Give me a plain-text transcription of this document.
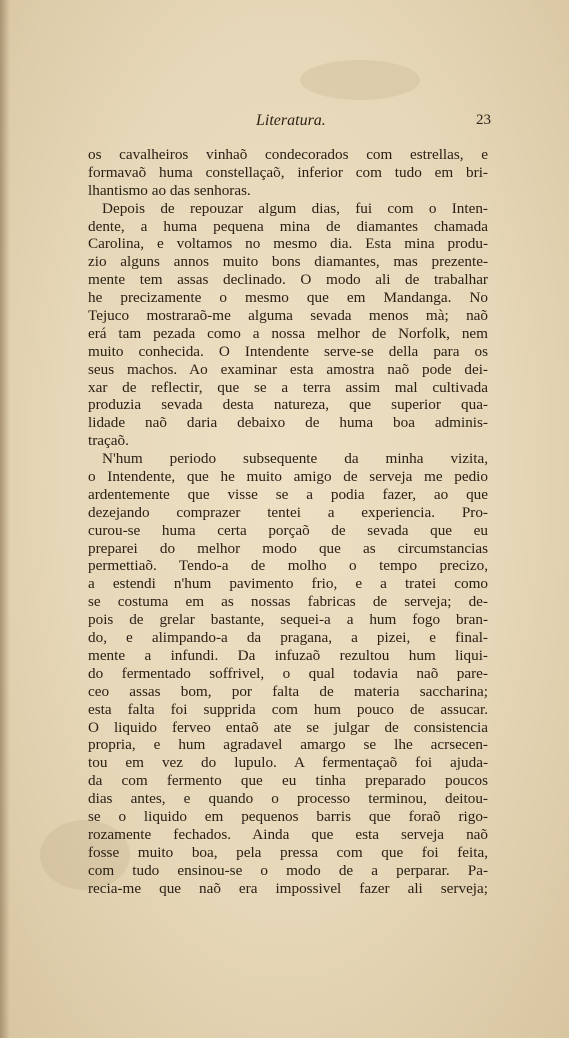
Literatura.	23
os cavalheiros vinhaõ condecorados com estrellas, e
formavaõ huma constellaçaõ, inferior com tudo em bri-
lhantismo ao das senhoras.
Depois de repouzar algum dias, fui com o Inten-
dente, a huma pequena mina de diamantes chamada
Carolina, e voltamos no mesmo dia. Esta mina produ-
zio alguns annos muito bons diamantes, mas prezente-
mente tem assas declinado. O modo ali de trabalhar
he precizamente o mesmo que em Mandanga. No
Tejuco mostraraõ-me alguma sevada menos mà; naõ
erá tam pezada como a nossa melhor de Norfolk, nem
muito conhecida. O Intendente serve-se della para os
seus machos. Ao examinar esta amostra naõ pode dei-
xar de reflectir, que se a terra assim mal cultivada
produzia sevada desta natureza, que superior qua-
lidade naõ daria debaixo de huma boa adminis-
traçaõ.
N'hum periodo subsequente da minha vizita,
o Intendente, que he muito amigo de serveja me pedio
ardentemente que visse se a podia fazer, ao que
dezejando comprazer tentei a experiencia. Pro-
curou-se huma certa porçaõ de sevada que eu
preparei do melhor modo que as circumstancias
permettiaõ. Tendo-a de molho o tempo precizo,
a estendi n'hum pavimento frio, e a tratei como
se costuma em as nossas fabricas de serveja; de-
pois de grelar bastante, sequei-a a hum fogo bran-
do, e alimpando-a da pragana, a pizei, e final-
mente a infundi. Da infuzaõ rezultou hum liqui-
do fermentado soffrivel, o qual todavia naõ pare-
ceo assas bom, por falta de materia saccharina;
esta falta foi supprida com hum pouco de assucar.
O liquido ferveo entaõ ate se julgar de consistencia
propria, e hum agradavel amargo se lhe acrsecen-
tou em vez do lupulo. A fermentaçaõ foi ajuda-
da com fermento que eu tinha preparado poucos
dias antes, e quando o processo terminou, deitou-
se o liquido em pequenos barris que foraõ rigo-
rozamente fechados. Ainda que esta serveja naõ
fosse muito boa, pela pressa com que foi feita,
com tudo ensinou-se o modo de a perparar. Pa-
recia-me que naõ era impossivel fazer ali serveja;
